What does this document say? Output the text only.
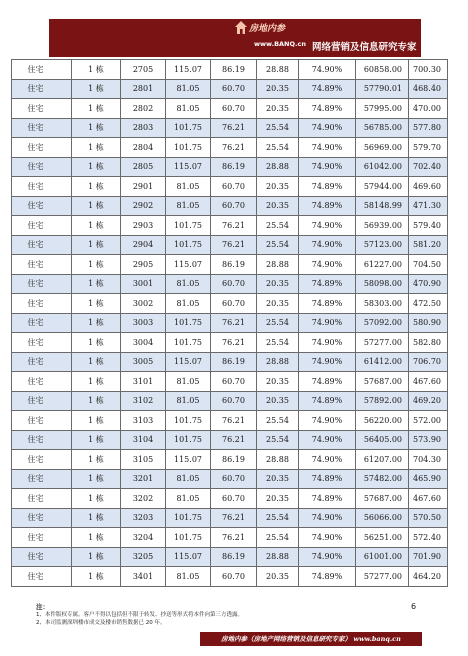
房地内参
www.BANQ.cn 网络营销及信息研究专家
住宅	1 栋	2705	115.07	86.19	28.88	74.90%	60858.00	700.30
住宅	1 栋	2801	81.05	60.70	20.35	74.89%	57790.01	468.40
住宅	1 栋	2802	81.05	60.70	20.35	74.89%	57995.00	470.00
住宅	1 栋	2803	101.75	76.21	25.54	74.90%	56785.00	577.80
住宅	1 栋	2804	101.75	76.21	25.54	74.90%	56969.00	579.70
住宅	1 栋	2805	115.07	86.19	28.88	74.90%	61042.00	702.40
住宅	1 栋	2901	81.05	60.70	20.35	74.89%	57944.00	469.60
住宅	1 栋	2902	81.05	60.70	20.35	74.89%	58148.99	471.30
住宅	1 栋	2903	101.75	76.21	25.54	74.90%	56939.00	579.40
住宅	1 栋	2904	101.75	76.21	25.54	74.90%	57123.00	581.20
住宅	1 栋	2905	115.07	86.19	28.88	74.90%	61227.00	704.50
住宅	1 栋	3001	81.05	60.70	20.35	74.89%	58098.00	470.90
住宅	1 栋	3002	81.05	60.70	20.35	74.89%	58303.00	472.50
住宅	1 栋	3003	101.75	76.21	25.54	74.90%	57092.00	580.90
住宅	1 栋	3004	101.75	76.21	25.54	74.90%	57277.00	582.80
住宅	1 栋	3005	115.07	86.19	28.88	74.90%	61412.00	706.70
住宅	1 栋	3101	81.05	60.70	20.35	74.89%	57687.00	467.60
住宅	1 栋	3102	81.05	60.70	20.35	74.89%	57892.00	469.20
住宅	1 栋	3103	101.75	76.21	25.54	74.90%	56220.00	572.00
住宅	1 栋	3104	101.75	76.21	25.54	74.90%	56405.00	573.90
住宅	1 栋	3105	115.07	86.19	28.88	74.90%	61207.00	704.30
住宅	1 栋	3201	81.05	60.70	20.35	74.89%	57482.00	465.90
住宅	1 栋	3202	81.05	60.70	20.35	74.89%	57687.00	467.60
住宅	1 栋	3203	101.75	76.21	25.54	74.90%	56066.00	570.50
住宅	1 栋	3204	101.75	76.21	25.54	74.90%	56251.00	572.40
住宅	1 栋	3205	115.07	86.19	28.88	74.90%	61001.00	701.90
住宅	1 栋	3401	81.05	60.70	20.35	74.89%	57277.00	464.20
注：
1、本件版权专属。客户不得以包括但不限于转发、抄送等形式将本件向第三方透露。
2、本司监测深圳楼市成交及楼市销售数据已 20 年。
6
房地内参（房地产网络营销及信息研究专家） www.banq.cn
